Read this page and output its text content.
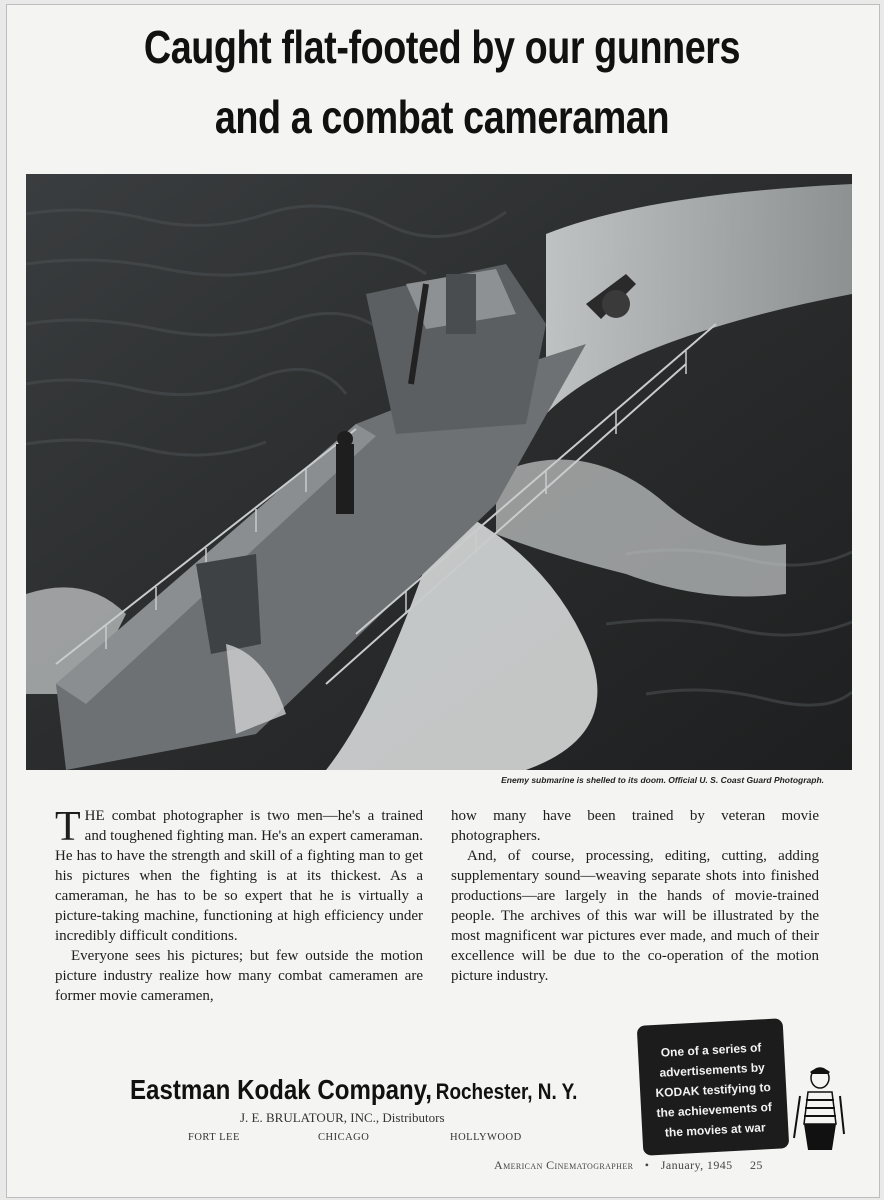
Caught flat-footed by our gunners
and a combat cameraman
Enemy submarine is shelled to its doom. Official U. S. Coast Guard Photograph.

THE combat photographer is two men—he's a trained and toughened fighting man. He's an expert cameraman. He has to have the strength and skill of a fighting man to get his pictures when the fighting is at its thickest. As a cameraman, he has to be so expert that he is virtually a picture-taking machine, functioning at high efficiency under incredibly difficult conditions.

Everyone sees his pictures; but few outside the motion picture industry realize how many combat cameramen are former movie cameramen,

how many have been trained by veteran movie photographers.

And, of course, processing, editing, cutting, adding supplementary sound—weaving separate shots into finished productions—are largely in the hands of movie-trained people. The archives of this war will be illustrated by the most magnificent war pictures ever made, and much of their excellence will be due to the co-operation of the motion picture industry.

Eastman Kodak Company, Rochester, N. Y.
J. E. BRULATOUR, INC., Distributors
FORT LEE	CHICAGO	HOLLYWOOD
One of a series of
advertisements by
KODAK testifying to
the achievements of
the movies at war
American Cinematographer • January, 1945 25
